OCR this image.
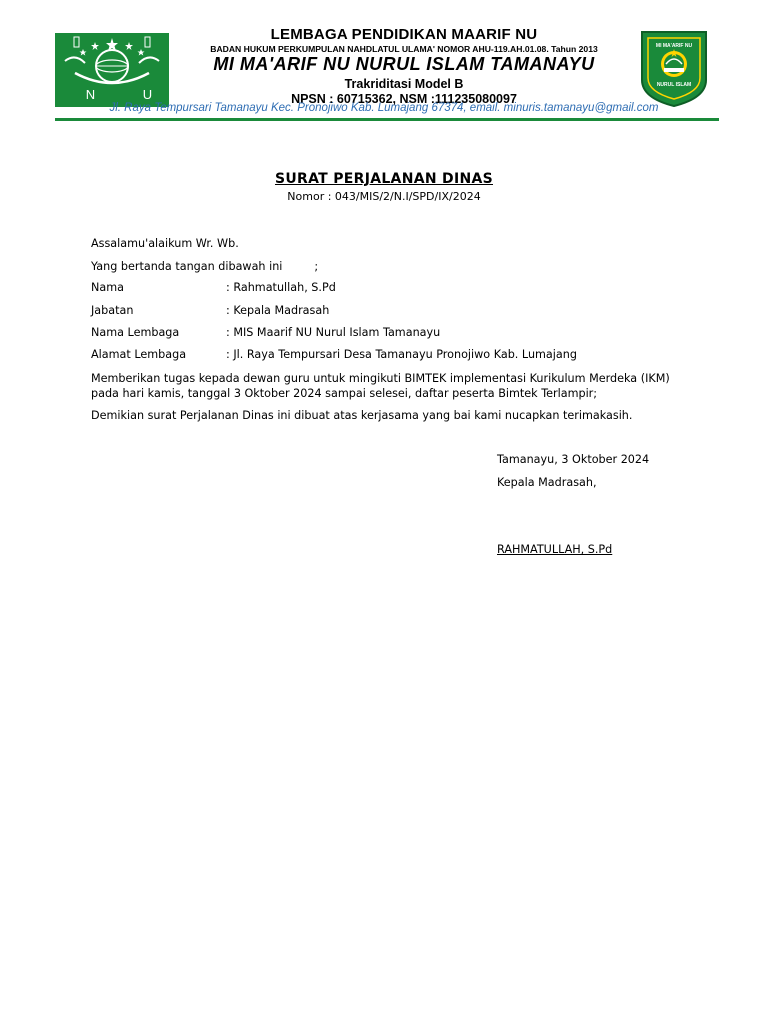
N U
LEMBAGA PENDIDIKAN MAARIF NU
BADAN HUKUM PERKUMPULAN NAHDLATUL ULAMA' NOMOR AHU-119.AH.01.08. Tahun 2013
MI MA'ARIF NU NURUL ISLAM TAMANAYU
Trakriditasi Model B
NPSN : 60715362, NSM :111235080097
MI MA'ARIF NU
NURUL ISLAM
Jl. Raya Tempursari Tamanayu Kec. Pronojiwo Kab. Lumajang 67374, email. minuris.tamanayu@gmail.com
SURAT PERJALANAN DINAS
Nomor : 043/MIS/2/N.I/SPD/IX/2024
Assalamu'alaikum Wr. Wb.
Yang bertanda tangan dibawah ini         ;
Nama	: Rahmatullah, S.Pd
Jabatan	: Kepala Madrasah
Nama Lembaga	: MIS Maarif NU Nurul Islam Tamanayu
Alamat Lembaga	: Jl. Raya Tempursari Desa Tamanayu Pronojiwo Kab. Lumajang
Memberikan tugas kepada dewan guru untuk mingikuti BIMTEK implementasi Kurikulum Merdeka (IKM)
pada hari kamis, tanggal 3 Oktober 2024 sampai selesei, daftar peserta Bimtek Terlampir;
Demikian surat Perjalanan Dinas ini dibuat atas kerjasama yang bai kami nucapkan terimakasih.
Tamanayu, 3 Oktober 2024
Kepala Madrasah,
RAHMATULLAH, S.Pd
